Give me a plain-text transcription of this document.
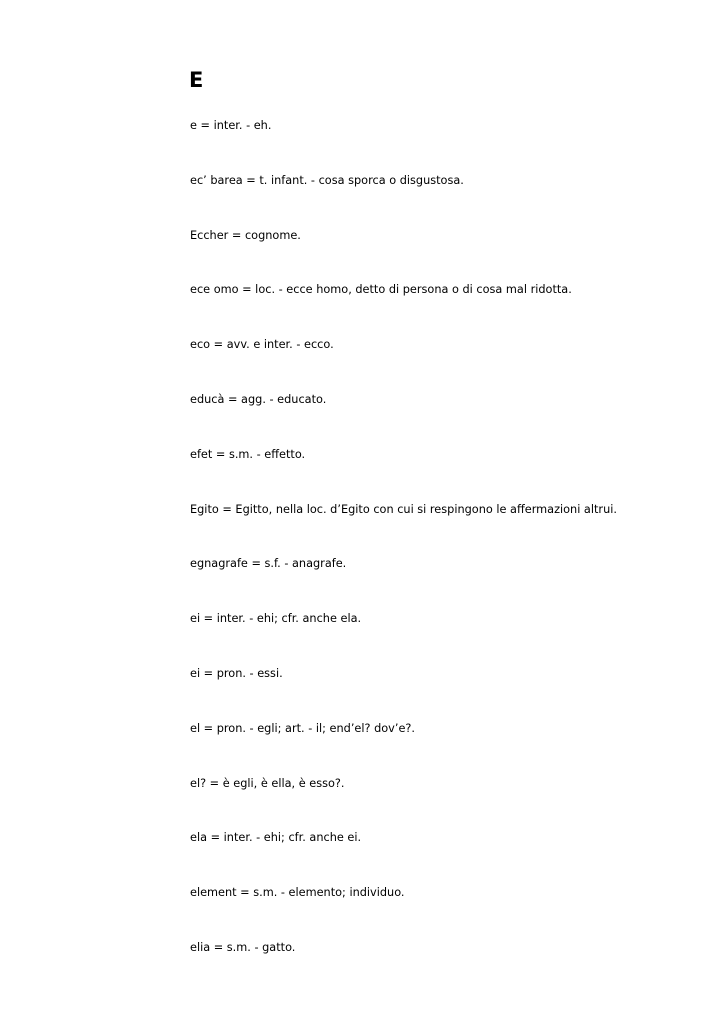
E
e = inter. - eh.
ec’ barea = t. infant. - cosa sporca o disgustosa.
Eccher = cognome.
ece omo = loc. - ecce homo, detto di persona o di cosa mal ridotta.
eco = avv. e inter. - ecco.
educà = agg. - educato.
efet = s.m. - effetto.
Egito = Egitto, nella loc. d’Egito con cui si respingono le affermazioni altrui.
egnagrafe = s.f. - anagrafe.
ei = inter. - ehi; cfr. anche ela.
ei = pron. - essi.
el = pron. - egli; art. - il; end’el? dov’e?.
el? = è egli, è ella, è esso?.
ela = inter. - ehi; cfr. anche ei.
element = s.m. - elemento; individuo.
elia = s.m. - gatto.
